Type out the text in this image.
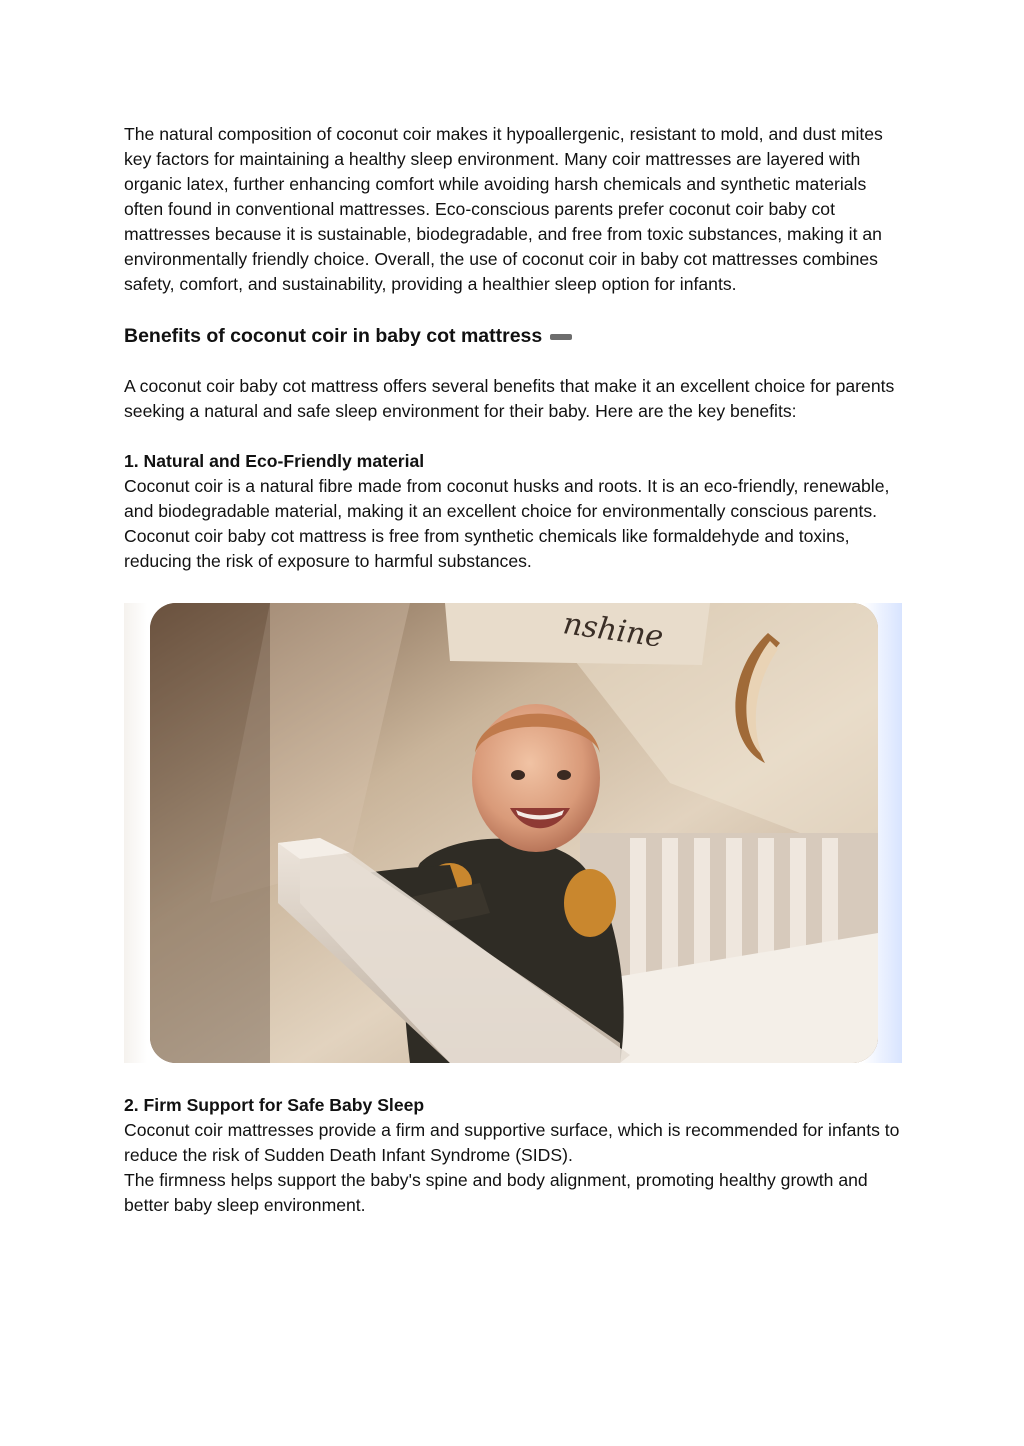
The natural composition of coconut coir makes it hypoallergenic, resistant to mold, and dust mites key factors for maintaining a healthy sleep environment. Many coir mattresses are layered with organic latex, further enhancing comfort while avoiding harsh chemicals and synthetic materials often found in conventional mattresses. Eco-conscious parents prefer coconut coir baby cot mattresses because it is sustainable, biodegradable, and free from toxic substances, making it an environmentally friendly choice. Overall, the use of coconut coir in baby cot mattresses combines safety, comfort, and sustainability, providing a healthier sleep option for infants.

Benefits of coconut coir in baby cot mattress

A coconut coir baby cot mattress offers several benefits that make it an excellent choice for parents seeking a natural and safe sleep environment for their baby. Here are the key benefits:

1. Natural and Eco-Friendly material

Coconut coir is a natural fibre made from coconut husks and roots. It is an eco-friendly, renewable, and biodegradable material, making it an excellent choice for environmentally conscious parents.

Coconut coir baby cot mattress is free from synthetic chemicals like formaldehyde and toxins, reducing the risk of exposure to harmful substances.

nshine
2. Firm Support for Safe Baby Sleep

Coconut coir mattresses provide a firm and supportive surface, which is recommended for infants to reduce the risk of Sudden Death Infant Syndrome (SIDS).

The firmness helps support the baby's spine and body alignment, promoting healthy growth and better baby sleep environment.
